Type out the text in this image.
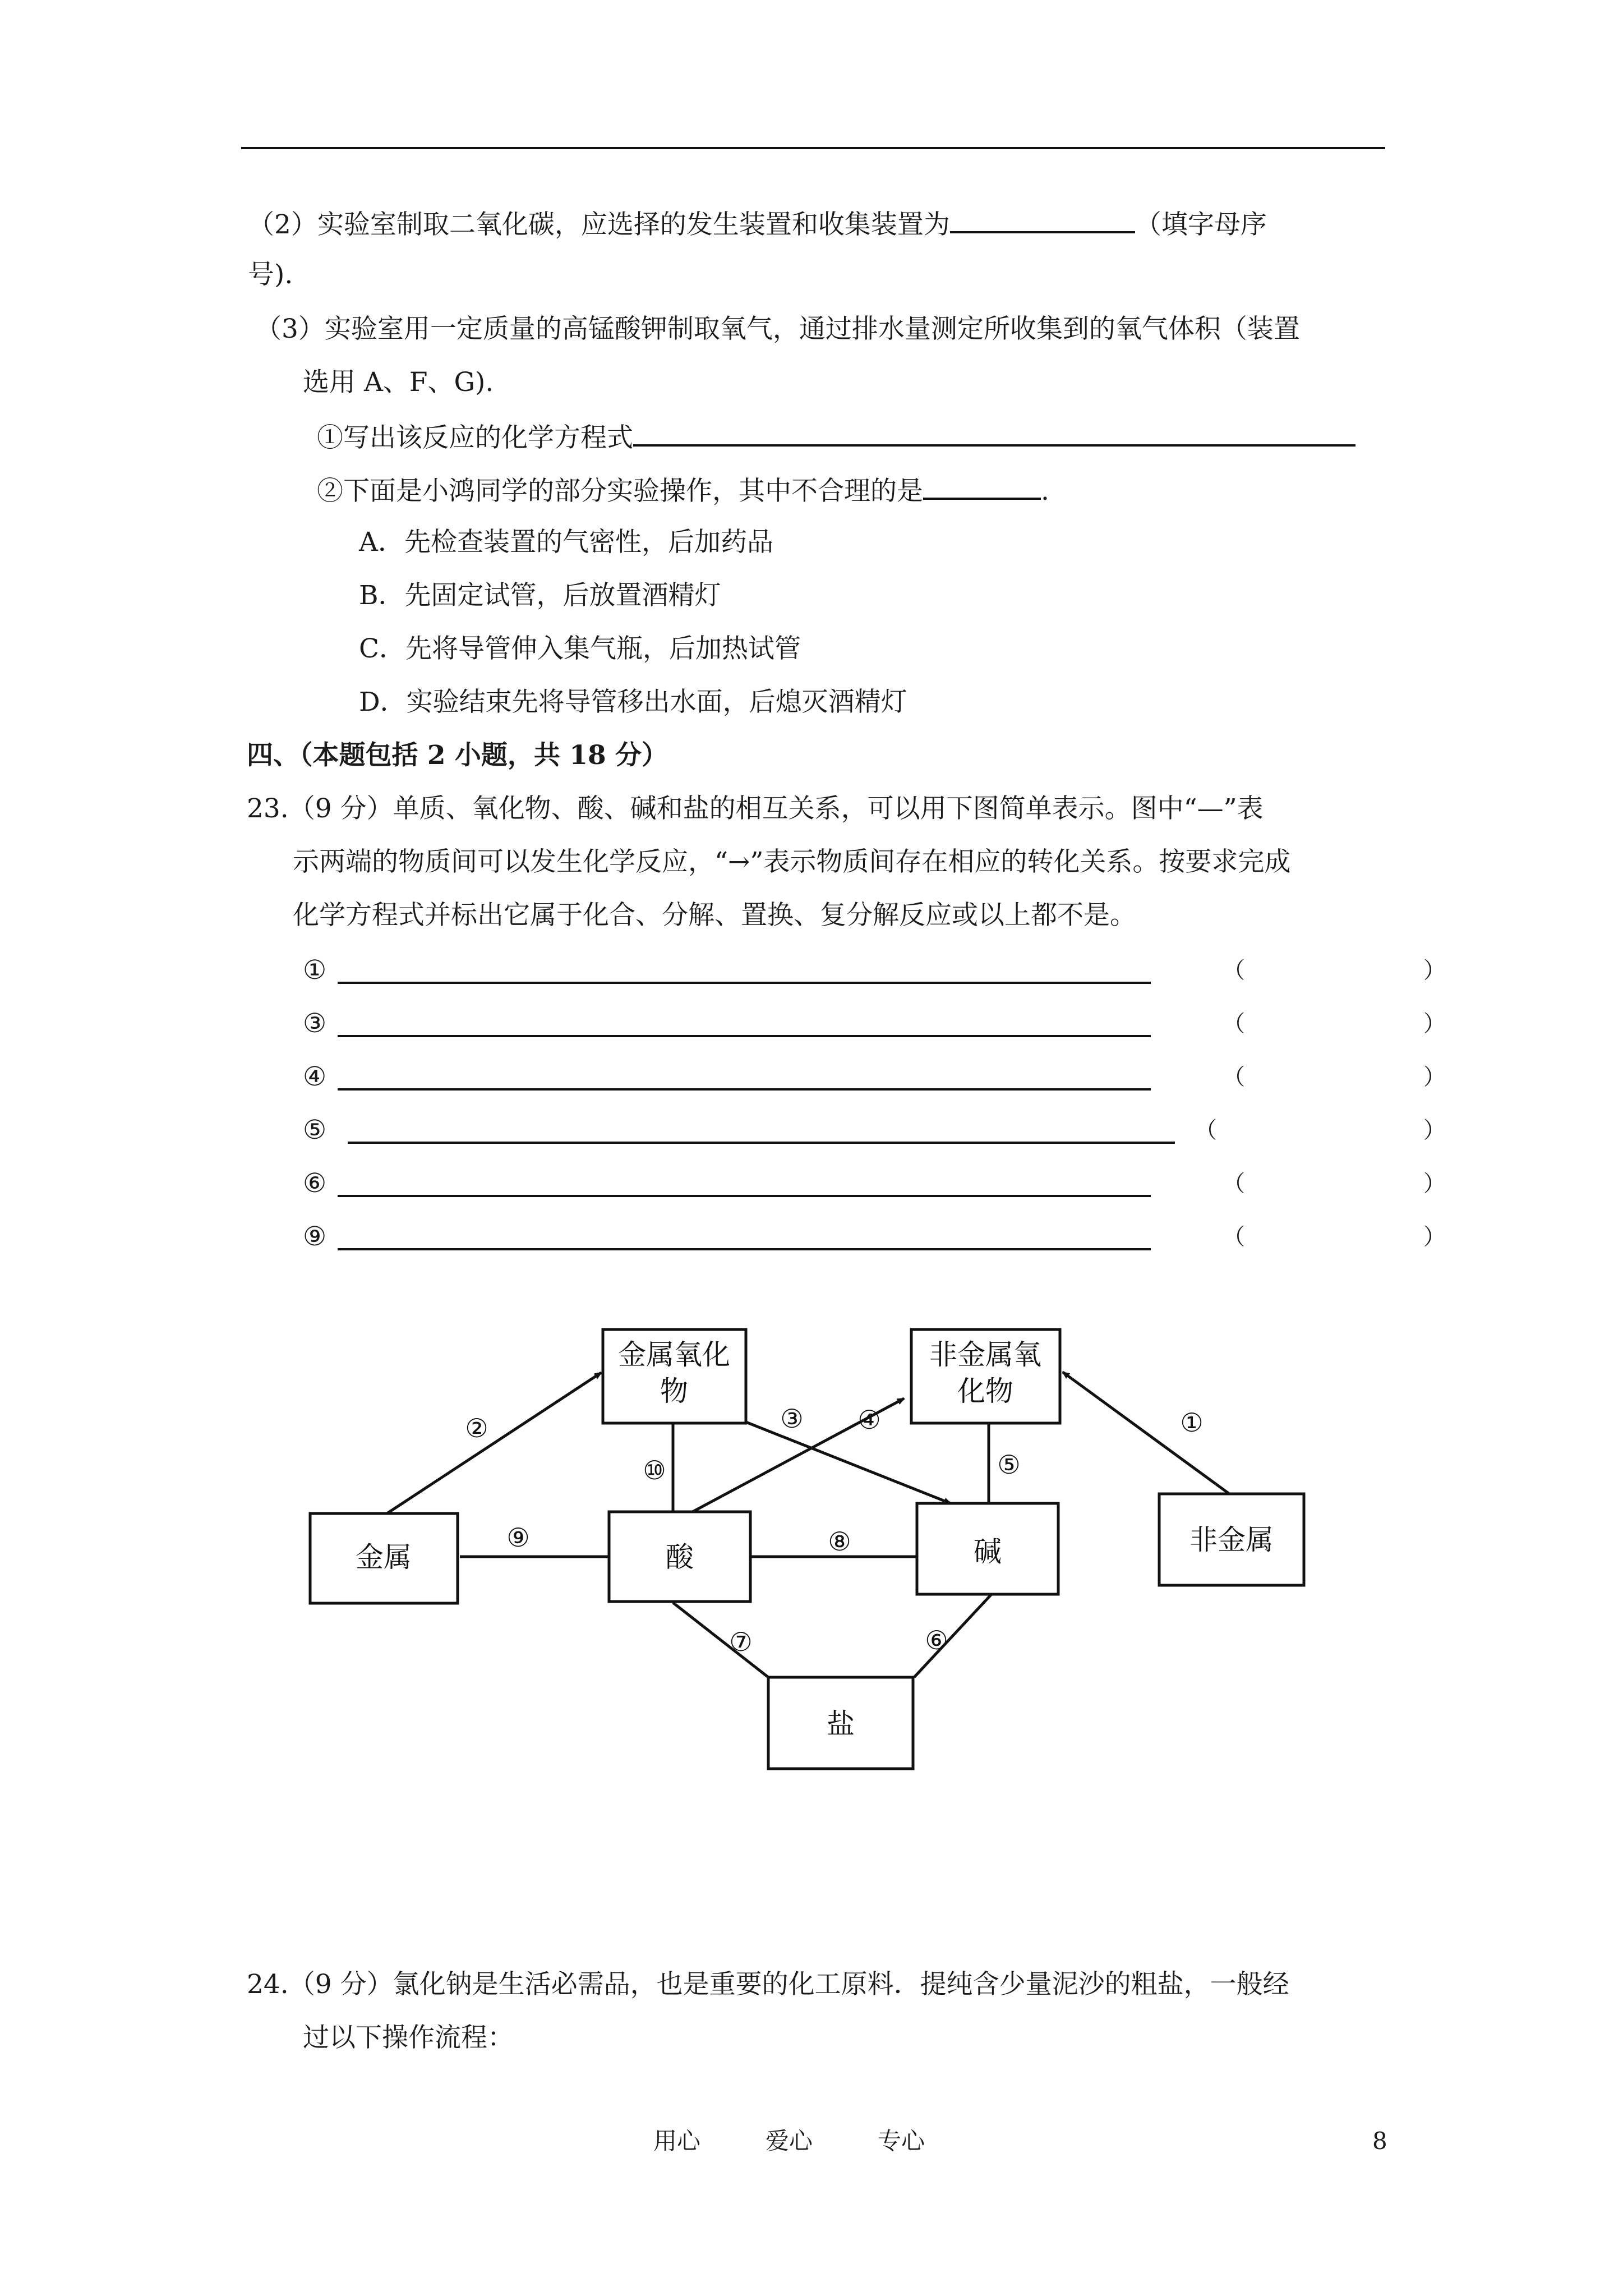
（2）实验室制取二氧化碳，应选择的发生装置和收集装置为	（填字母序
号).
（3）实验室用一定质量的高锰酸钾制取氧气，通过排水量测定所收集到的氧气体积（装置
选用 A、F、G).
①写出该反应的化学方程式
②下面是小鸿同学的部分实验操作，其中不合理的是	.
A．先检查装置的气密性，后加药品
B．先固定试管，后放置酒精灯
C．先将导管伸入集气瓶，后加热试管
D．实验结束先将导管移出水面，后熄灭酒精灯
四、（本题包括 2 小题，共 18 分）
23.（9 分）单质、氧化物、酸、碱和盐的相互关系，可以用下图简单表示。图中“—”表
示两端的物质间可以发生化学反应，“→”表示物质间存在相应的转化关系。按要求完成
化学方程式并标出它属于化合、分解、置换、复分解反应或以上都不是。
①	（	）
③	（	）
④	（	）
⑤	（	）
⑥	（	）
⑨	（	）
金属氧化
物
非金属氧
化物
金属	酸	碱	非金属
盐
①
②	③ ④
⑤
⑥
⑦
⑧
⑨
⑩
24.（9 分）氯化钠是生活必需品，也是重要的化工原料．提纯含少量泥沙的粗盐，一般经
过以下操作流程：
用心	爱心	专心	8
